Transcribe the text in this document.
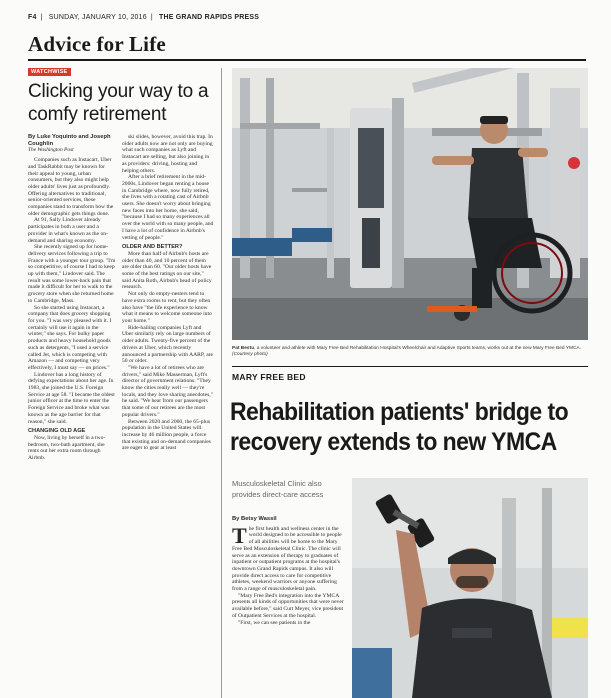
F4 | SUNDAY, JANUARY 10, 2016 | THE GRAND RAPIDS PRESS
Advice for Life
WATCHWISE
Clicking your way to a comfy retirement

By Luke Yoquinto and Joseph Coughlin

The Washington Post

Companies such as Instacart, Uber and TaskRabbit may be known for their appeal to young, urban consumers, but they also might help older adults' lives just as profoundly. Offering alternatives to traditional, senior-oriented services, these companies stand to transform how the older demographic gets things done.

At 91, Sally Lindover already participates in both a user and a provider in what's known as the on-demand and sharing economy.

She recently signed up for home-delivery services following a trip to France with a younger tour group. "I'm so competitive, of course I had to keep up with them," Lindover said. The result was some lower-back pain that made it difficult for her to walk to the grocery store when she returned home to Cambridge, Mass.

So she started using Instacart, a company that does grocery shopping for you. "I was very pleased with it. I certainly will use it again in the winter," she says. For bulky paper products and heavy household goods such as detergents, "I used a service called Jet, which is competing with Amazon — and competing very effectively, I must say — on prices."

Lindover has a long history of defying expectations about her age. In 1983, she joined the U.S. Foreign Service at age 58. "I became the oldest junior officer at the time to enter the Foreign Service and broke what was known as the age barrier for that reason," she said.

CHANGING OLD AGE

Now, living by herself in a two-bedroom, two-bath apartment, she rents out her extra room through Airbnb.

ski slides, however, avoid this trap. In older adults now are not only are buying what such companies as Lyft and Instacart are selling, but also joining in as providers: driving, hosting and helping others.

After a brief retirement in the mid-2000s, Lindover began renting a house in Cambridge where, now fully retired, she lives with a rotating cast of Airbnb users. She doesn't worry about bringing new faces into her home, she said, "because I had so many experiences all over the world with so many people, and I have a lot of confidence in Airbnb's vetting of people."

OLDER AND BETTER?

More than half of Airbnb's hosts are older than 40, and 10 percent of them are older than 60. "Our older hosts have some of the best ratings on our site," said Anita Roth, Airbnb's head of policy research.

Not only do empty-nesters tend to have extra rooms to rent, but they often also have "the life experience to know what it means to welcome someone into your home."

Ride-hailing companies Lyft and Uber similarly rely on large numbers of older adults. Twenty-five percent of the drivers at Uber, which recently announced a partnership with AARP, are 50 or older.

"We have a lot of retirees who are drivers," said Mike Masserman, Lyft's director of government relations. "They know the cities really well — they're locals, and they love sharing anecdotes," he said. "We hear from our passengers that some of our retirees are the most popular drivers."

Between 2020 and 2060, the 65-plus population in the United States will increase by 46 million people, a force that existing and on-demand companies are eager to gear at least

Pat Bestu, a volunteer and athlete with Mary Free Bed Rehabilitation Hospital's Wheelchair and Adaptive Sports teams, works out at the new Mary Free Bed YMCA. (Courtesy photo)
MARY FREE BED
Rehabilitation patients' bridge to
recovery extends to new YMCA
Musculoskeletal Clinic also provides direct-care access

By Betsy Wassil

The first health and wellness center in the world designed to be accessible to people of all abilities will be home to the Mary Free Bed Musculoskeletal Clinic. The clinic will serve as an extension of therapy to graduates of inpatient or outpatient programs at the hospital's downtown Grand Rapids campus. It also will provide direct access to care for competitive athletes, weekend warriors or anyone suffering from a range of musculoskeletal pain.

"Mary Free Bed's integration into the YMCA presents all kinds of opportunities that were never available before," said Curt Meyer, vice president of Outpatient Services at the hospital.

"First, we can see patients in the
